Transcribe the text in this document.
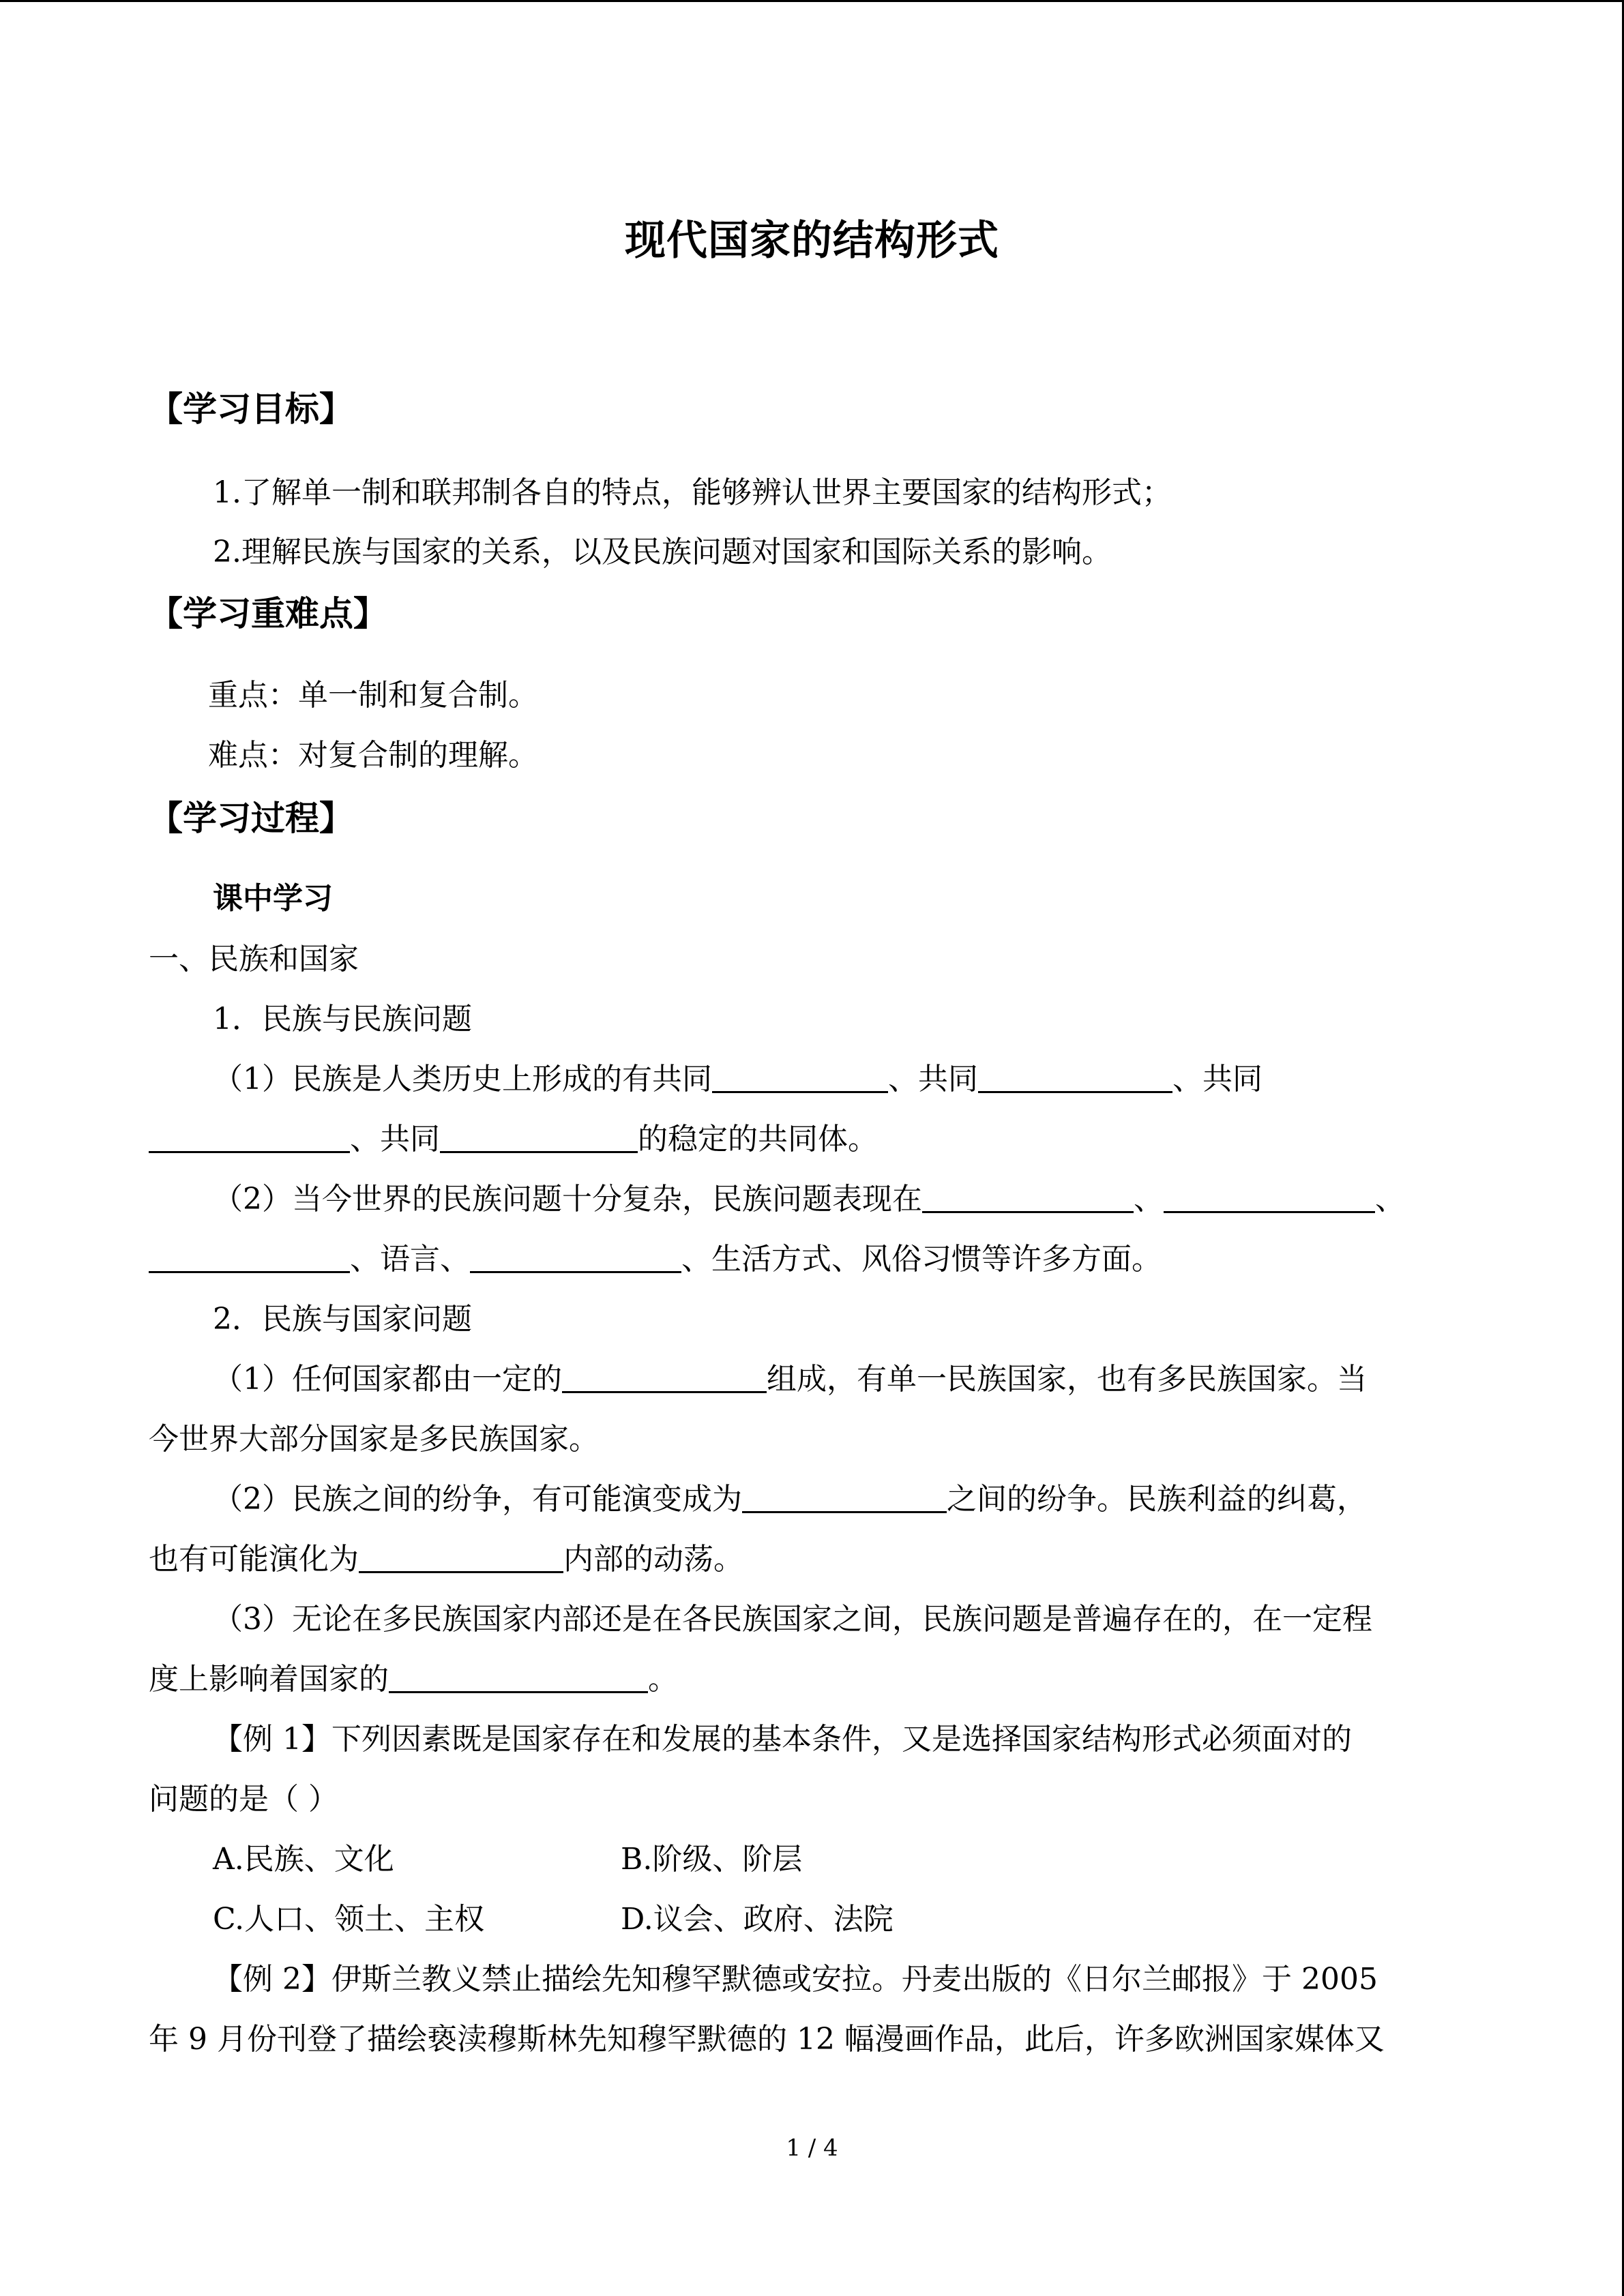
现代国家的结构形式
【学习目标】
1.了解单一制和联邦制各自的特点，能够辨认世界主要国家的结构形式；
2.理解民族与国家的关系，以及民族问题对国家和国际关系的影响。
【学习重难点】
重点：单一制和复合制。
难点：对复合制的理解。
【学习过程】
课中学习
一、民族和国家
1．民族与民族问题
（1）民族是人类历史上形成的有共同	、共同	、共同
、共同	的稳定的共同体。
（2）当今世界的民族问题十分复杂，民族问题表现在	、	、
、语言、	、生活方式、风俗习惯等许多方面。
2．民族与国家问题
（1）任何国家都由一定的	组成，有单一民族国家，也有多民族国家。当
今世界大部分国家是多民族国家。
（2）民族之间的纷争，有可能演变成为	之间的纷争。民族利益的纠葛，
也有可能演化为	内部的动荡。
（3）无论在多民族国家内部还是在各民族国家之间，民族问题是普遍存在的，在一定程
度上影响着国家的	。
【例 1】下列因素既是国家存在和发展的基本条件，又是选择国家结构形式必须面对的
问题的是（ ）
A.民族、文化	B.阶级、阶层
C.人口、领土、主权	D.议会、政府、法院
【例 2】伊斯兰教义禁止描绘先知穆罕默德或安拉。丹麦出版的《日尔兰邮报》于 2005
年 9 月份刊登了描绘亵渎穆斯林先知穆罕默德的 12 幅漫画作品，此后，许多欧洲国家媒体又
1 / 4
